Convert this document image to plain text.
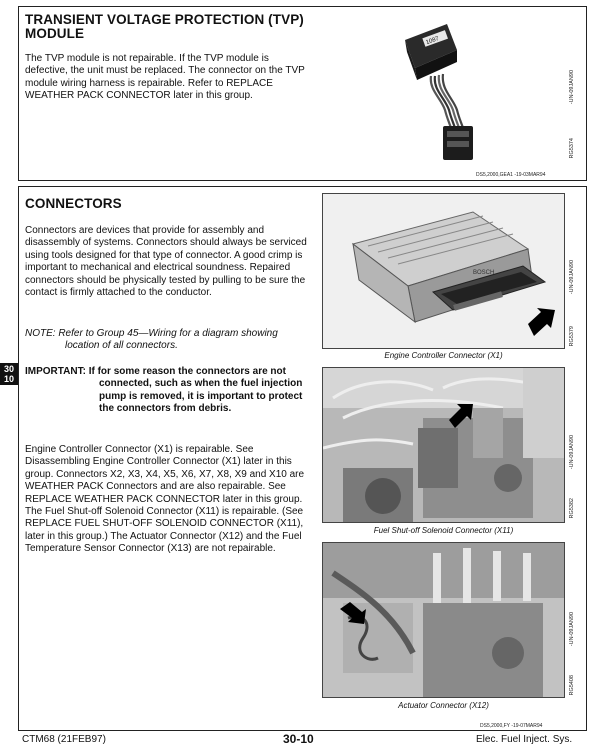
TRANSIENT VOLTAGE PROTECTION (TVP)
MODULE
The TVP module is not repairable. If the TVP module is defective, the unit must be replaced. The connector on the TVP module wiring harness is repairable. Refer to REPLACE WEATHER PACK CONNECTOR later in this group.
1087
-UN-09JAN90
RG5374
DS5,2000,GEA1 -19-03MAR94
CONNECTORS
Connectors are devices that provide for assembly and disassembly of systems. Connectors should always be serviced using tools designed for that type of connector. A good crimp is important to mechanical and electrical soundness. Repaired connectors should be physically tested by pulling to be sure the contact is firmly attached to the conductor.
NOTE: Refer to Group 45—Wiring for a diagram showing location of all connectors.
IMPORTANT: If for some reason the connectors are not connected, such as when the fuel injection pump is removed, it is important to protect the connectors from debris.
Engine Controller Connector (X1) is repairable. See Disassembling Engine Controller Connector (X1) later in this group. Connectors X2, X3, X4, X5, X6, X7, X8, X9 and X10 are WEATHER PACK Connectors and are also repairable. See REPLACE WEATHER PACK CONNECTOR later in this group. The Fuel Shut-off Solenoid Connector (X11) is repairable. (See REPLACE FUEL SHUT-OFF SOLENOID CONNECTOR (X11), later in this group.) The Actuator Connector (X12) and the Fuel Temperature Sensor Connector (X13) are not repairable.
30
10
BOSCH	-UN-09JAN90
RG5379
Engine Controller Connector (X1)
-UN-09JAN90
RG5382
Fuel Shut-off Solenoid Connector (X11)
-UN-09JAN90
RG5408
Actuator Connector (X12)
DS5,2000,FY -19-07MAR94
CTM68 (21FEB97)	30-10	Elec. Fuel Inject. Sys.
